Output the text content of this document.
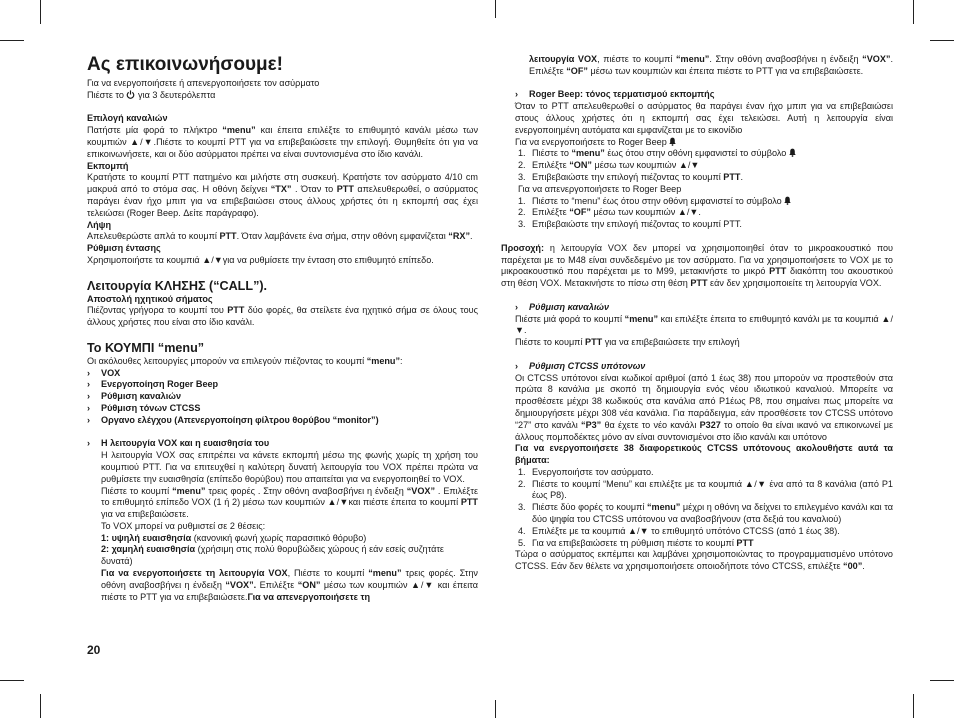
Ας επικοινωνήσουμε!
Για να ενεργοποιήσετε ή απενεργοποιήσετε τον ασύρματο
Πιέστε το για 3 δευτερόλεπτα
Επιλογή καναλιών
Πατήστε μία φορά το πλήκτρο “menu” και έπειτα επιλέξτε το επιθυμητό κανάλι μέσω των κουμπιών ▲/▼.Πιέστε το κουμπί PTT για να επιβεβαιώσετε την επιλογή. Θυμηθείτε ότι για να επικοινωνήσετε, και οι δύο ασύρματοι πρέπει να είναι συντονισμένα στο ίδιο κανάλι.
Εκπομπή
Κρατήστε το κουμπί PTT πατημένο και μιλήστε στη συσκευή. Κρατήστε τον ασύρματο 4/10 cm μακρυά από το στόμα σας. Η οθόνη δείχνει “TX” . Όταν το PTT απελευθερωθεί, ο ασύρματος παράγει έναν ήχο μπιπ για να επιβεβαιώσει στους άλλους χρήστες ότι η εκπομπή σας έχει τελειώσει (Roger Beep. Δείτε παράγραφο).
Λήψη
Απελευθερώστε απλά το κουμπί PTT. Όταν λαμβάνετε ένα σήμα, στην οθόνη εμφανίζεται “RX”.
Ρύθμιση έντασης
Χρησιμοποιήστε τα κουμπιά ▲/▼για να ρυθμίσετε την ένταση στο επιθυμητό επίπεδο.
Λειτουργία ΚΛΗΣΗΣ (“CALL”).
Αποστολή ηχητικού σήματος
Πιέζοντας γρήγορα το κουμπί του PTT δύο φορές, θα στείλετε ένα ηχητικό σήμα σε όλους τους άλλους χρήστες που είναι στο ίδιο κανάλι.
Το ΚΟΥΜΠΙ “menu”
Οι ακόλουθες λειτουργίες μπορούν να επιλεγούν πιέζοντας το κουμπί “menu”:
› VOX
› Ενεργοποίηση Roger Beep
› Ρύθμιση καναλιών
› Ρύθμιση τόνων CTCSS
› Οργανο ελέγχου (Απενεργοποίηση φίλτρου θορύβου “monitor”)
› Η λειτουργία VOX και η ευαισθησία του
Η λειτουργία VOX σας επιτρέπει να κάνετε εκπομπή μέσω της φωνής χωρίς τη χρήση του κουμπιού PTT. Για να επιτευχθεί η καλύτερη δυνατή λειτουργία του VOX πρέπει πρώτα να ρυθμίσετε την ευαισθησία (επίπεδο θορύβου) που απαιτείται για να ενεργοποιηθεί το VOX.
Πιέστε το κουμπί “menu” τρεις φορές . Στην οθόνη αναβοσβήνει η ένδειξη “VOX” . Επιλέξτε το επιθυμητό επίπεδο VOX (1 ή 2) μέσω των κουμπιών ▲/▼και πιέστε έπειτα το κουμπί PTT για να επιβεβαιώσετε.
Το VOX μπορεί να ρυθμιστεί σε 2 θέσεις:
1: υψηλή ευαισθησία (κανονική φωνή χωρίς παρασιτικό θόρυβο)
2: χαμηλή ευαισθησία (χρήσιμη στις πολύ θορυβώδεις χώρους ή εάν εσείς συζητάτε δυνατά)
Για να ενεργοποιήσετε τη λειτουργία VOX, Πιέστε το κουμπί “menu” τρεις φορές. Στην οθόνη αναβοσβήνει η ένδειξη “VOX”. Επιλέξτε “ON” μέσω των κουμπιών ▲/▼ και έπειτα πιέστε το PTT για να επιβεβαιώσετε.Για να απενεργοποιήσετε τη
20
λειτουργία VOX, πιέστε το κουμπί “menu”. Στην οθόνη αναβοσβήνει η ένδειξη “VOX”. Επιλέξτε “OF” μέσω των κουμπιών και έπειτα πιέστε το PTT για να επιβεβαιώσετε.
› Roger Beep: τόνος τερματισμού εκπομπής
Όταν το PTT απελευθερωθεί ο ασύρματος θα παράγει έναν ήχο μπιπ για να επιβεβαιώσει στους άλλους χρήστες ότι η εκπομπή σας έχει τελειώσει. Αυτή η λειτουργία είναι ενεργοποιημένη αυτόματα και εμφανίζεται με το εικονίδιο
Για να ενεργοποιήσετε το Roger Beep
1. Πιέστε το “menu” έως ότου στην οθόνη εμφανιστεί το σύμβολο
2. Επιλέξτε “ON” μέσω των κουμπιών ▲/▼
3. Επιβεβαιώστε την επιλογή πιέζοντας το κουμπί PTT.
Για να απενεργοποιήσετε το Roger Beep
1. Πιέστε το “menu” έως ότου στην οθόνη εμφανιστεί το σύμβολο
2. Επιλέξτε “OF” μέσω των κουμπιών ▲/▼.
3. Επιβεβαιώστε την επιλογή πιέζοντας το κουμπί PTT.
Προσοχή: η λειτουργία VOX δεν μπορεί να χρησιμοποιηθεί όταν το μικροακουστικό που παρέχεται με το M48 είναι συνδεδεμένο με τον ασύρματο. Για να χρησιμοποιήσετε το VOX με το μικροακουστικό που παρέχεται με το M99, μετακινήστε το μικρό PTT διακόπτη του ακουστικού στη θέση VOX. Μετακινήστε το πίσω στη θέση PTT εάν δεν χρησιμοποιείτε τη λειτουργία VOX.
› Ρύθμιση καναλιών
Πιέστε μιά φορά το κουμπί “menu” και επιλέξτε έπειτα το επιθυμητό κανάλι με τα κουμπιά ▲/▼.
Πιέστε το κουμπί PTT για να επιβεβαιώσετε την επιλογή
› Ρύθμιση CTCSS υπότονων
Οι CTCSS υπότονοι είναι κωδικοί αριθμοί (από 1 έως 38) που μπορούν να προστεθούν στα πρώτα 8 κανάλια με σκοπό τη δημιουργία ενός νέου ιδιωτικού καναλιού. Μπορείτε να προσθέσετε μέχρι 38 κωδικούς στα κανάλια από P1έως P8, που σημαίνει πως μπορείτε να δημιουργήσετε μέχρι 308 νέα κανάλια. Για παράδειγμα, εάν προσθέσετε τον CTCSS υπότονο “27” στο κανάλι “P3” θα έχετε το νέο κανάλι P327 το οποίο θα είναι ικανό να επικοινωνεί με άλλους πομποδέκτες μόνο αν είναι συντονισμένοι στο ίδιο κανάλι και υπότονο
Για να ενεργοποιήσετε 38 διαφορετικούς CTCSS υπότονους ακολουθήστε αυτά τα βήματα:
1. Ενεργοποιήστε τον ασύρματο.
2. Πιέστε το κουμπί “Menu” και επιλέξτε με τα κουμπιά ▲/▼ ένα από τα 8 κανάλια (από P1 έως P8).
3. Πιέστε δύο φορές το κουμπί “menu” μέχρι η οθόνη να δείχνει το επιλεγμένο κανάλι και τα δύο ψηφία του CTCSS υπότονου να αναβοσβήνουν (στα δεξιά του καναλιού)
4. Επιλέξτε με τα κουμπιά ▲/▼ το επιθυμητό υπότόνο CTCSS (από 1 έως 38).
5. Για να επιβεβαιώσετε τη ρύθμιση πιέστε το κουμπί PTT
Τώρα ο ασύρματος εκπέμπει και λαμβάνει χρησιμοποιώντας το προγραμματισμένο υπότονο CTCSS. Εάν δεν θέλετε να χρησιμοποιήσετε οποιοδήποτε τόνο CTCSS, επιλέξτε “00”.
